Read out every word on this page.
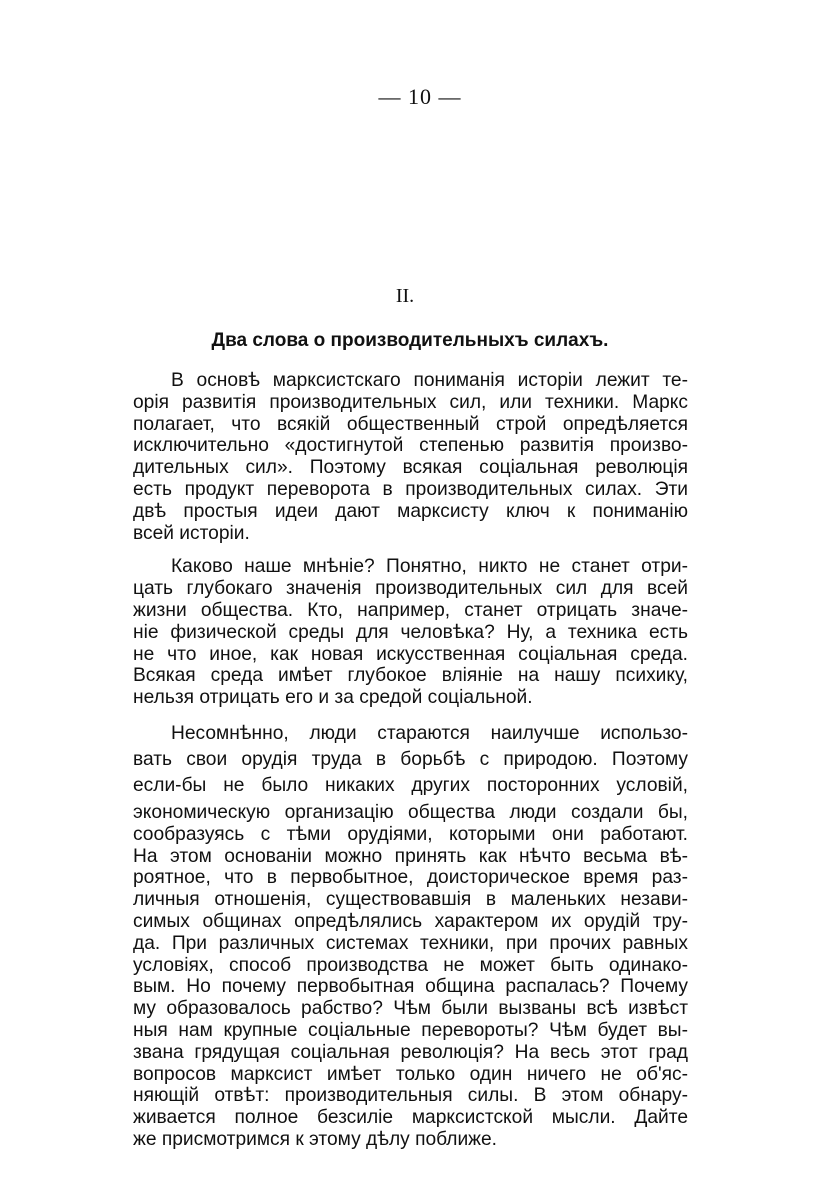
— 10 —
II.
Два слова о производительныхъ силахъ.

В основѣ марксистскаго пониманія исторіи лежит те-
орія развитія производительных сил, или техники. Маркс
полагает, что всякій общественный строй опредѣляется
исключительно «достигнутой степенью развитія произво-
дительных сил». Поэтому всякая соціальная революція
есть продукт переворота в производительных силах. Эти
двѣ простыя идеи дают марксисту ключ к пониманію
всей исторіи.

Каково наше мнѣніе? Понятно, никто не станет отри-
цать глубокаго значенія производительных сил для всей
жизни общества. Кто, например, станет отрицать значе-
ніе физической среды для человѣка? Ну, а техника есть
не что иное, как новая искусственная соціальная среда.
Всякая среда имѣет глубокое вліяніе на нашу психику,
нельзя отрицать его и за средой соціальной.

Несомнѣнно, люди стараются наилучше использо-
вать свои орудія труда в борьбѣ с природою. Поэтому
если-бы не было никаких других посторонних условій,

экономическую организацію общества люди создали бы,
сообразуясь с тѣми орудіями, которыми они работают.
На этом основаніи можно принять как нѣчто весьма вѣ-
роятное, что в первобытное, доисторическое время раз-
личныя отношенія, существовавшія в маленьких незави-
симых общинах опредѣлялись характером их орудій тру-
да. При различных системах техники, при прочих равных
условіях, способ производства не может быть одинако-
вым. Но почему первобытная община распалась? Почему
му образовалось рабство? Чѣм были вызваны всѣ извѣст
ныя нам крупные соціальные перевороты? Чѣм будет вы-
звана грядущая соціальная революція? На весь этот град
вопросов марксист имѣет только один ничего не об'яс-
няющій отвѣт: производительныя силы. В этом обнару-
живается полное безсиліе марксистской мысли. Дайте
же присмотримся к этому дѣлу поближе.
